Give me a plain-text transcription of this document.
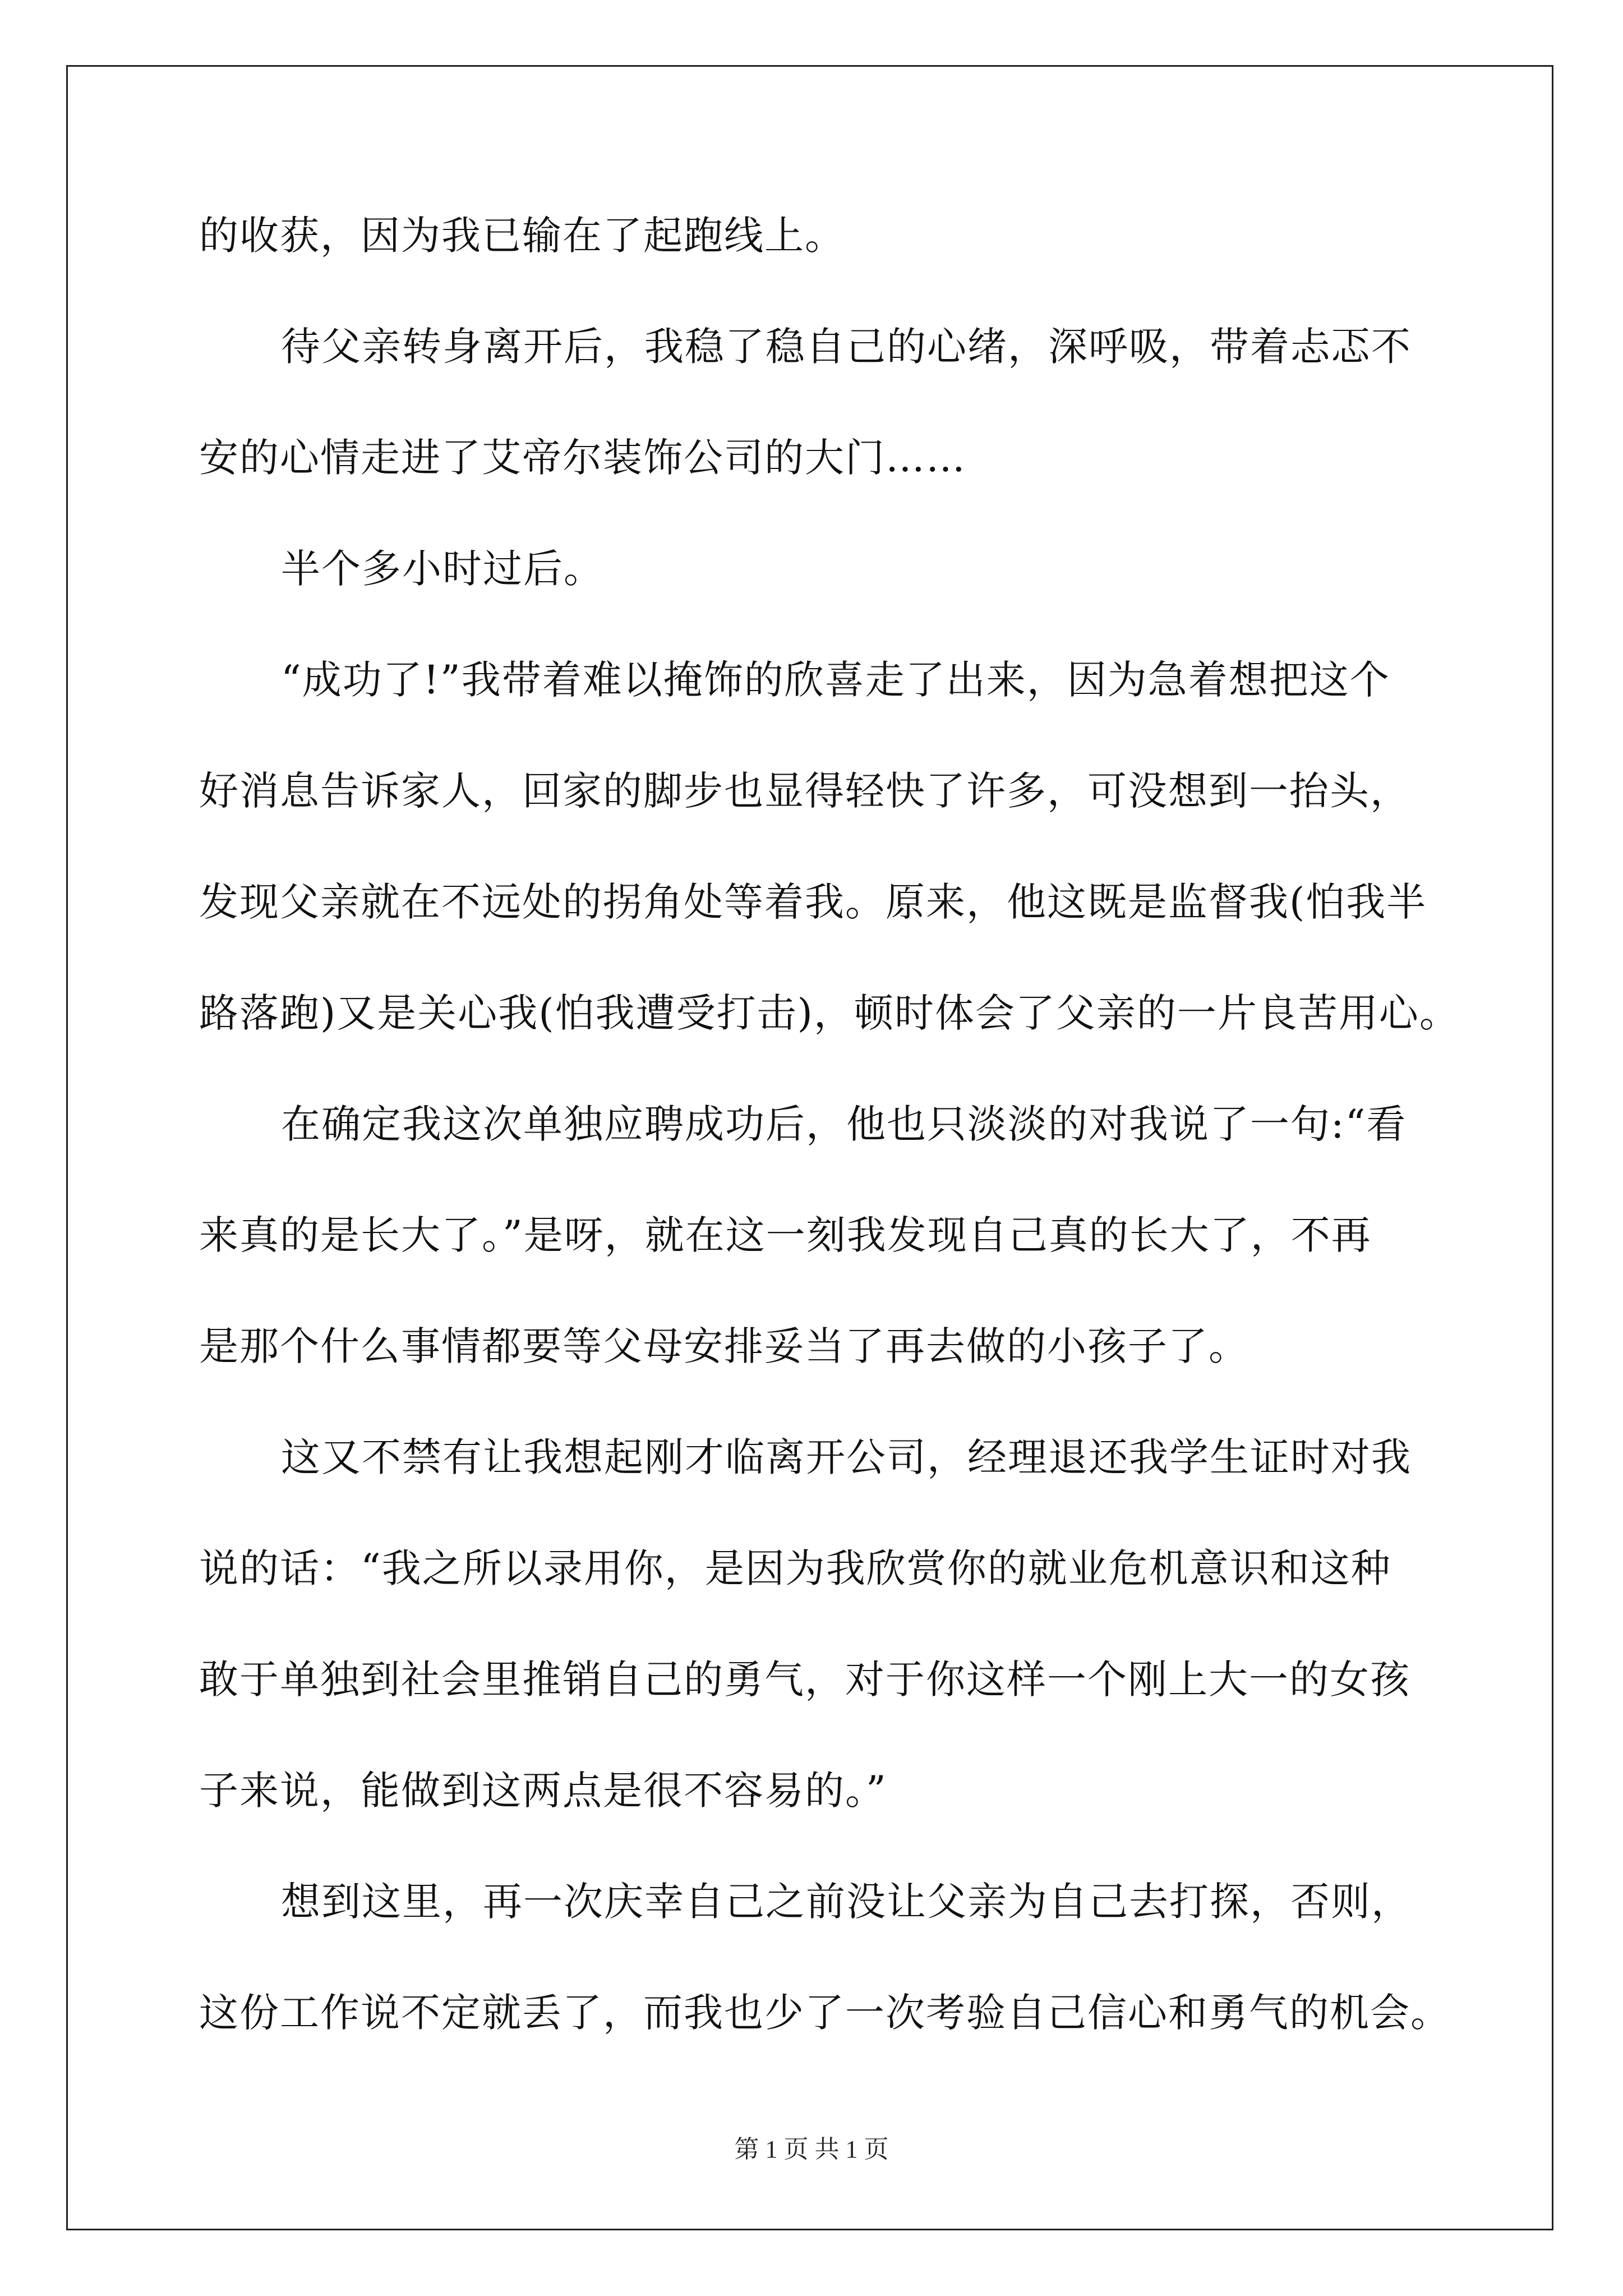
的收获，因为我已输在了起跑线上。
待父亲转身离开后，我稳了稳自己的心绪，深呼吸，带着忐忑不
安的心情走进了艾帝尔装饰公司的大门……
半个多小时过后。
“成功了!”我带着难以掩饰的欣喜走了出来，因为急着想把这个
好消息告诉家人，回家的脚步也显得轻快了许多，可没想到一抬头，
发现父亲就在不远处的拐角处等着我。原来，他这既是监督我(怕我半
路落跑)又是关心我(怕我遭受打击)，顿时体会了父亲的一片良苦用心。
在确定我这次单独应聘成功后，他也只淡淡的对我说了一句:“看
来真的是长大了。”是呀，就在这一刻我发现自己真的长大了，不再
是那个什么事情都要等父母安排妥当了再去做的小孩子了。
这又不禁有让我想起刚才临离开公司，经理退还我学生证时对我
说的话：“我之所以录用你，是因为我欣赏你的就业危机意识和这种
敢于单独到社会里推销自己的勇气，对于你这样一个刚上大一的女孩
子来说，能做到这两点是很不容易的。”
想到这里，再一次庆幸自己之前没让父亲为自己去打探，否则，
这份工作说不定就丢了，而我也少了一次考验自己信心和勇气的机会。
第 1 页 共 1 页
